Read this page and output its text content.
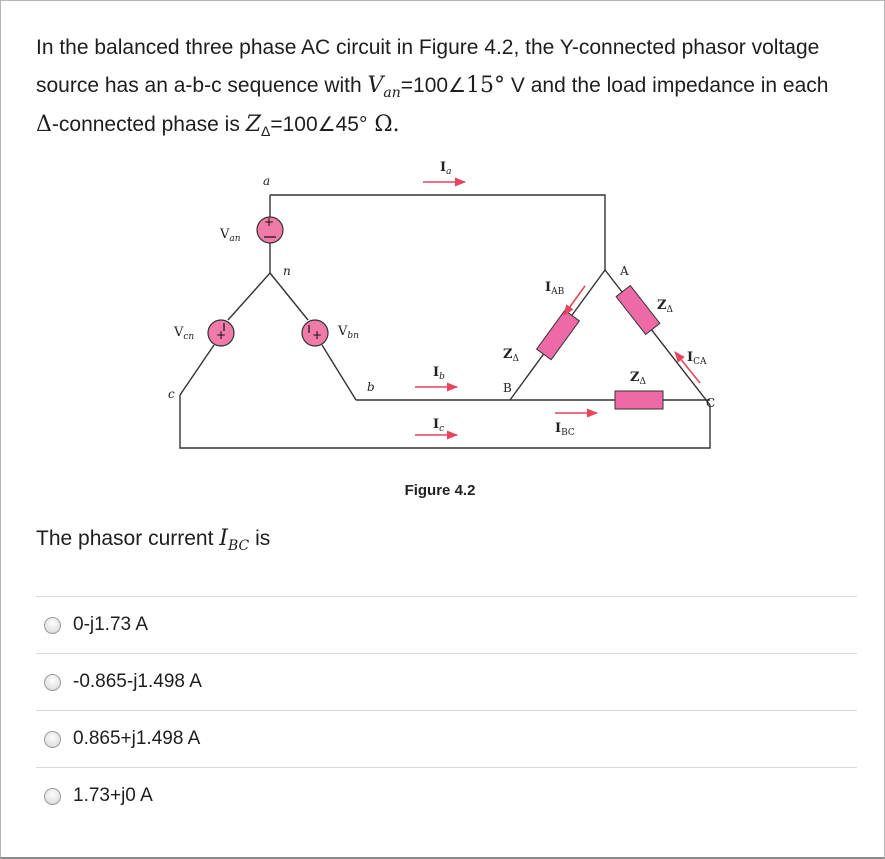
In the balanced three phase AC circuit in Figure 4.2, the Y-connected phasor voltage source has an a-b-c sequence with $V_{an}=100\angle 15^\circ$ V and the load impedance in each Δ-connected phase is $Z_\Delta=100\angle 45^\circ$ Ω.
+
+	+
a
n
b
c
A
B
C
$V_{an}$
$V_{cn}$	$V_{bn}$
$I_a$
$I_b$
$I_c$
$I_{AB}$
$I_{BC}$
$I_{CA}$
$Z_\Delta$
$Z_\Delta$
$Z_\Delta$
Figure 4.2
The phasor current $I_{BC}$ is
0-j1.73 A
-0.865-j1.498 A
0.865+j1.498 A
1.73+j0 A
